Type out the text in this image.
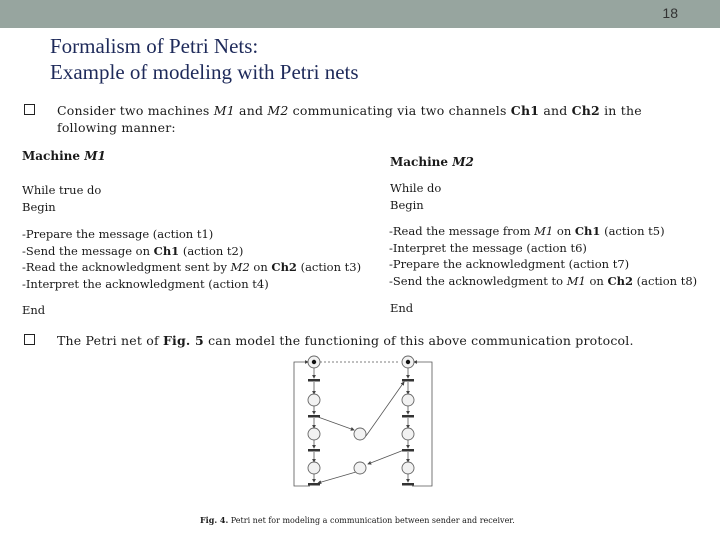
18
Formalism of Petri Nets:
Example of modeling with Petri nets
Consider two machines M1 and M2 communicating via two channels Ch1 and Ch2 in the
following manner:
Machine M1	Machine M2
While true do
Begin
While do
Begin
-Prepare the message (action t1)
-Send the message on Ch1 (action t2)
-Read the acknowledgment sent by M2 on Ch2 (action t3)
-Interpret the acknowledgment (action t4)
-Read the message from M1 on Ch1 (action t5)
-Interpret the message (action t6)
-Prepare the acknowledgment (action t7)
-Send the acknowledgment to M1 on Ch2 (action t8)
End	End
The Petri net of Fig. 5 can model the functioning of this above communication protocol.
Fig. 4. Petri net for modeling a communication between sender and receiver.
